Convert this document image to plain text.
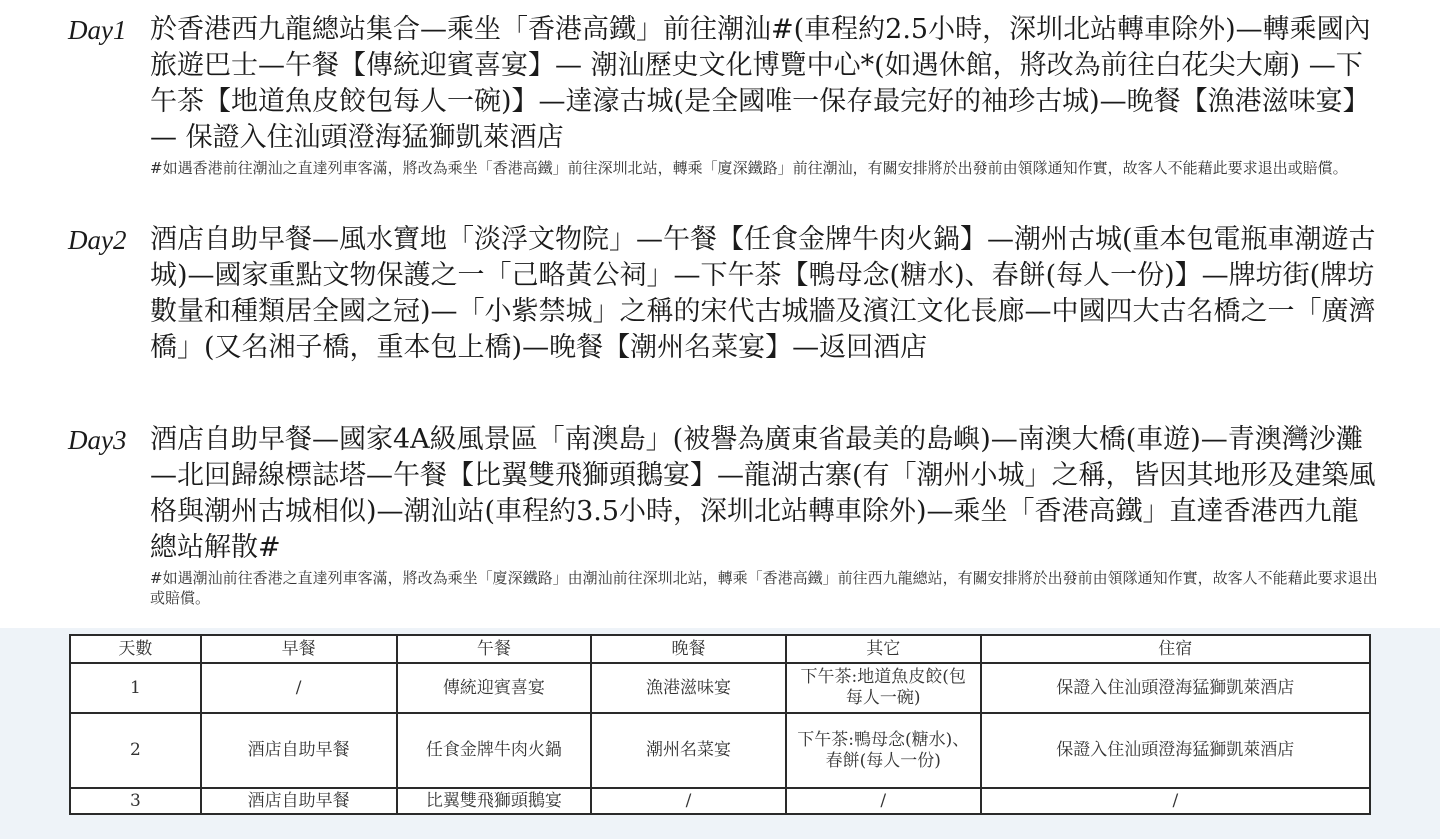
Day1 於香港西九龍總站集合—乘坐「香港高鐵」前往潮汕#(車程約2.5小時，深圳北站轉車除外)—轉乘國內旅遊巴士—午餐【傳統迎賓喜宴】— 潮汕歷史文化博覽中心*(如遇休館，將改為前往白花尖大廟) —下午茶【地道魚皮餃包每人一碗)】—達濠古城(是全國唯一保存最完好的袖珍古城)—晚餐【漁港滋味宴】— 保證入住汕頭澄海猛獅凱萊酒店
#如遇香港前往潮汕之直達列車客滿，將改為乘坐「香港高鐵」前往深圳北站，轉乘「廈深鐵路」前往潮汕，有關安排將於出發前由領隊通知作實，故客人不能藉此要求退出或賠償。
Day2 酒店自助早餐—風水寶地「淡浮文物院」—午餐【任食金牌牛肉火鍋】—潮州古城(重本包電瓶車潮遊古城)—國家重點文物保護之一「己略黃公祠」—下午茶【鴨母念(糖水)、春餅(每人一份)】—牌坊街(牌坊數量和種類居全國之冠)—「小紫禁城」之稱的宋代古城牆及濱江文化長廊—中國四大古名橋之一「廣濟橋」(又名湘子橋，重本包上橋)—晚餐【潮州名菜宴】—返回酒店
Day3 酒店自助早餐—國家4A級風景區「南澳島」(被譽為廣東省最美的島嶼)—南澳大橋(車遊)—青澳灣沙灘—北回歸線標誌塔—午餐【比翼雙飛獅頭鵝宴】—龍湖古寨(有「潮州小城」之稱，皆因其地形及建築風格與潮州古城相似)—潮汕站(車程約3.5小時，深圳北站轉車除外)—乘坐「香港高鐵」直達香港西九龍總站解散#
#如遇潮汕前往香港之直達列車客滿，將改為乘坐「廈深鐵路」由潮汕前往深圳北站，轉乘「香港高鐵」前往西九龍總站，有關安排將於出發前由領隊通知作實，故客人不能藉此要求退出或賠償。
天數	早餐	午餐	晚餐	其它	住宿
1	/	傳統迎賓喜宴	漁港滋味宴	下午茶:地道魚皮餃(包每人一碗)	保證入住汕頭澄海猛獅凱萊酒店
2	酒店自助早餐	任食金牌牛肉火鍋	潮州名菜宴	下午茶:鴨母念(糖水)、春餅(每人一份)	保證入住汕頭澄海猛獅凱萊酒店
3	酒店自助早餐	比翼雙飛獅頭鵝宴	/	/	/
